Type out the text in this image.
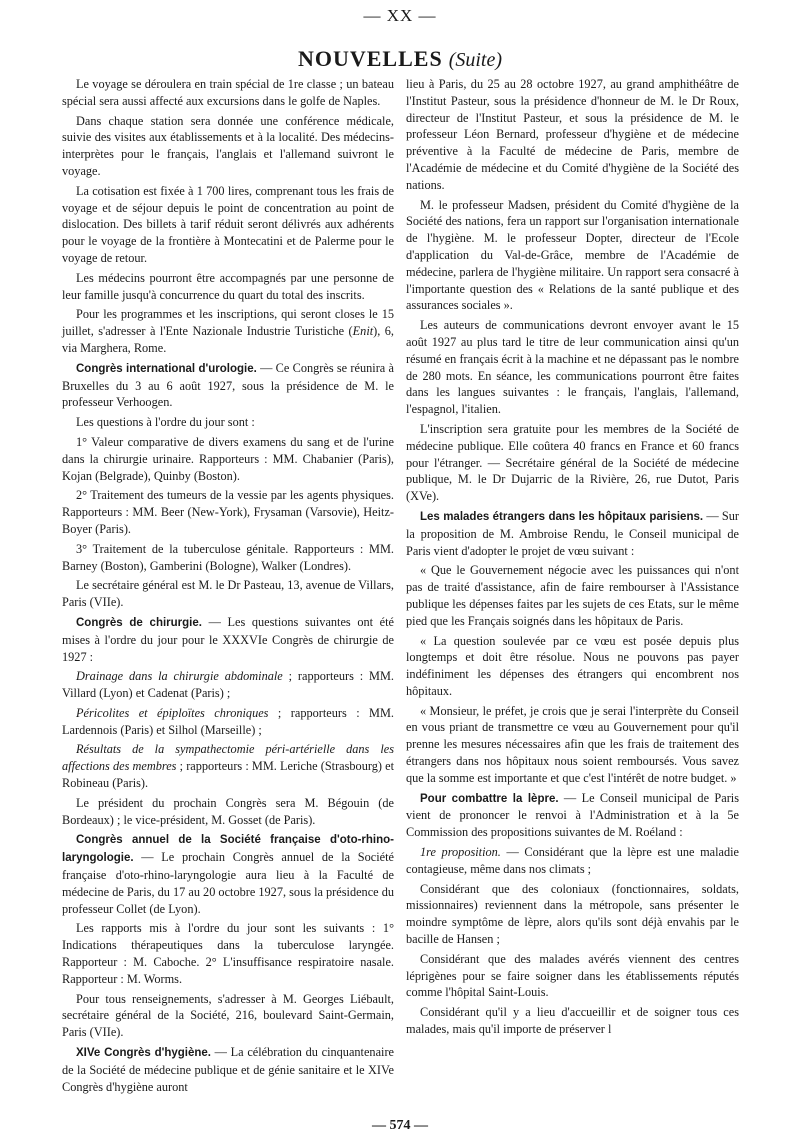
— XX —
NOUVELLES (Suite)

Le voyage se déroulera en train spécial de 1re classe ; un bateau spécial sera aussi affecté aux excursions dans le golfe de Naples.

Dans chaque station sera donnée une conférence médicale, suivie des visites aux établissements et à la localité. Des médecins-interprètes pour le français, l'anglais et l'allemand suivront le voyage.

La cotisation est fixée à 1 700 lires, comprenant tous les frais de voyage et de séjour depuis le point de concentration au point de dislocation. Des billets à tarif réduit seront délivrés aux adhérents pour le voyage de la frontière à Montecatini et de Palerme pour le voyage de retour.

Les médecins pourront être accompagnés par une personne de leur famille jusqu'à concurrence du quart du total des inscrits.

Pour les programmes et les inscriptions, qui seront closes le 15 juillet, s'adresser à l'Ente Nazionale Industrie Turistiche (Enit), 6, via Marghera, Rome.

Congrès international d'urologie. — Ce Congrès se réunira à Bruxelles du 3 au 6 août 1927, sous la présidence de M. le professeur Verhoogen.

Les questions à l'ordre du jour sont :

1° Valeur comparative de divers examens du sang et de l'urine dans la chirurgie urinaire. Rapporteurs : MM. Chabanier (Paris), Kojan (Belgrade), Quinby (Boston).

2° Traitement des tumeurs de la vessie par les agents physiques. Rapporteurs : MM. Beer (New-York), Frysaman (Varsovie), Heitz-Boyer (Paris).

3° Traitement de la tuberculose génitale. Rapporteurs : MM. Barney (Boston), Gamberini (Bologne), Walker (Londres).

Le secrétaire général est M. le Dr Pasteau, 13, avenue de Villars, Paris (VIIe).

Congrès de chirurgie. — Les questions suivantes ont été mises à l'ordre du jour pour le XXXVIe Congrès de chirurgie de 1927 :

Drainage dans la chirurgie abdominale ; rapporteurs : MM. Villard (Lyon) et Cadenat (Paris) ;

Péricolites et épiploïtes chroniques ; rapporteurs : MM. Lardennois (Paris) et Silhol (Marseille) ;

Résultats de la sympathectomie péri-artérielle dans les affections des membres ; rapporteurs : MM. Leriche (Strasbourg) et Robineau (Paris).

Le président du prochain Congrès sera M. Bégouin (de Bordeaux) ; le vice-président, M. Gosset (de Paris).

Congrès annuel de la Société française d'oto-rhino-laryngologie. — Le prochain Congrès annuel de la Société française d'oto-rhino-laryngologie aura lieu à la Faculté de médecine de Paris, du 17 au 20 octobre 1927, sous la présidence du professeur Collet (de Lyon).

Les rapports mis à l'ordre du jour sont les suivants : 1° Indications thérapeutiques dans la tuberculose laryngée. Rapporteur : M. Caboche. 2° L'insuffisance respiratoire nasale. Rapporteur : M. Worms.

Pour tous renseignements, s'adresser à M. Georges Liébault, secrétaire général de la Société, 216, boulevard Saint-Germain, Paris (VIIe).

XIVe Congrès d'hygiène. — La célébration du cinquantenaire de la Société de médecine publique et de génie sanitaire et le XIVe Congrès d'hygiène auront

lieu à Paris, du 25 au 28 octobre 1927, au grand amphithéâtre de l'Institut Pasteur, sous la présidence d'honneur de M. le Dr Roux, directeur de l'Institut Pasteur, et sous la présidence de M. le professeur Léon Bernard, professeur d'hygiène et de médecine préventive à la Faculté de médecine de Paris, membre de l'Académie de médecine et du Comité d'hygiène de la Société des nations.

M. le professeur Madsen, président du Comité d'hygiène de la Société des nations, fera un rapport sur l'organisation internationale de l'hygiène. M. le professeur Dopter, directeur de l'Ecole d'application du Val-de-Grâce, membre de l'Académie de médecine, parlera de l'hygiène militaire. Un rapport sera consacré à l'importante question des « Relations de la santé publique et des assurances sociales ».

Les auteurs de communications devront envoyer avant le 15 août 1927 au plus tard le titre de leur communication ainsi qu'un résumé en français écrit à la machine et ne dépassant pas le nombre de 280 mots. En séance, les communications pourront être faites dans les langues suivantes : le français, l'anglais, l'allemand, l'espagnol, l'italien.

L'inscription sera gratuite pour les membres de la Société de médecine publique. Elle coûtera 40 francs en France et 60 francs pour l'étranger. — Secrétaire général de la Société de médecine publique, M. le Dr Dujarric de la Rivière, 26, rue Dutot, Paris (XVe).

Les malades étrangers dans les hôpitaux parisiens. — Sur la proposition de M. Ambroise Rendu, le Conseil municipal de Paris vient d'adopter le projet de vœu suivant :

« Que le Gouvernement négocie avec les puissances qui n'ont pas de traité d'assistance, afin de faire rembourser à l'Assistance publique les dépenses faites par les sujets de ces Etats, sur le même pied que les Français soignés dans les hôpitaux de Paris.

« La question soulevée par ce vœu est posée depuis plus longtemps et doit être résolue. Nous ne pouvons pas payer indéfiniment les dépenses des étrangers qui encombrent nos hôpitaux.

« Monsieur, le préfet, je crois que je serai l'interprète du Conseil en vous priant de transmettre ce vœu au Gouvernement pour qu'il prenne les mesures nécessaires afin que les frais de traitement des étrangers dans nos hôpitaux nous soient remboursés. Vous savez que la somme est importante et que c'est l'intérêt de notre budget. »

Pour combattre la lèpre. — Le Conseil municipal de Paris vient de prononcer le renvoi à l'Administration et à la 5e Commission des propositions suivantes de M. Roéland :

1re proposition. — Considérant que la lèpre est une maladie contagieuse, même dans nos climats ;

Considérant que des coloniaux (fonctionnaires, soldats, missionnaires) reviennent dans la métropole, sans présenter le moindre symptôme de lèpre, alors qu'ils sont déjà envahis par le bacille de Hansen ;

Considérant que des malades avérés viennent des centres léprigènes pour se faire soigner dans les établissements réputés comme l'hôpital Saint-Louis.

Considérant qu'il y a lieu d'accueillir et de soigner tous ces malades, mais qu'il importe de préserver l

— 574 —
